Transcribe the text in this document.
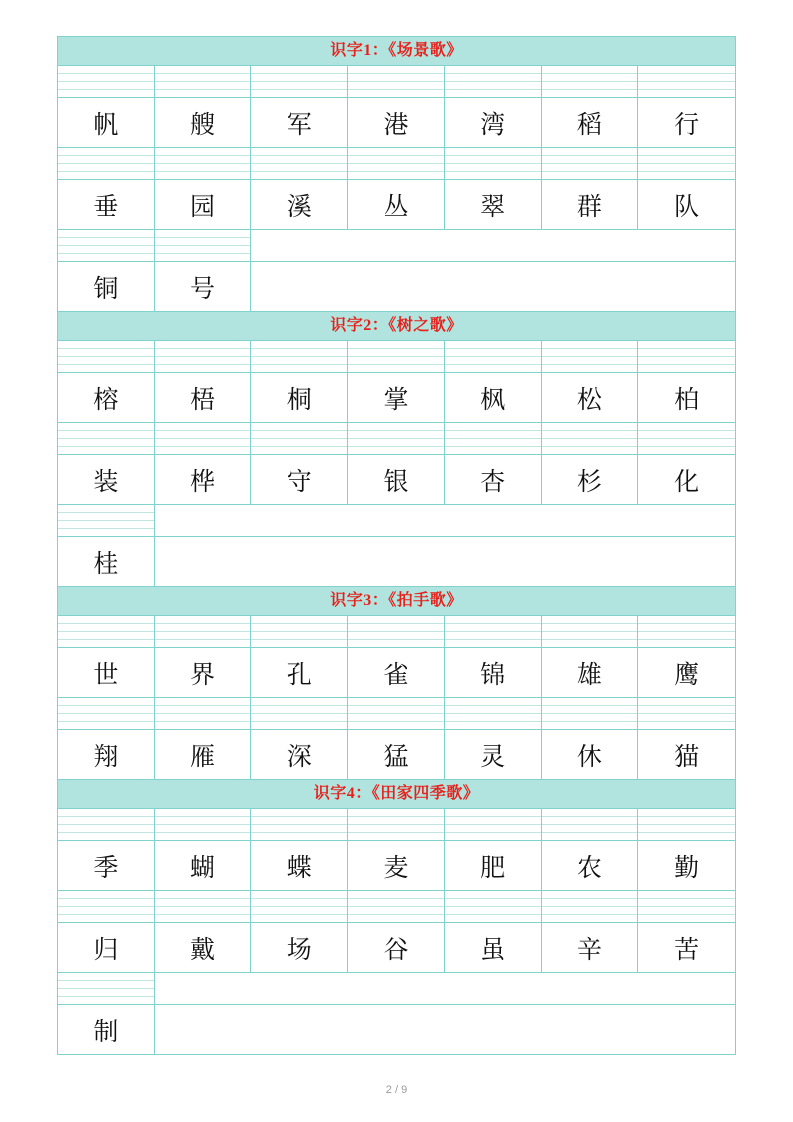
识字1：《场景歌》
帆	艘	军	港	湾	稻	行
垂	园	溪	丛	翠	群	队
铜	号
识字2：《树之歌》
榕	梧	桐	掌	枫	松	柏
装	桦	守	银	杏	杉	化
桂
识字3：《拍手歌》
世	界	孔	雀	锦	雄	鹰
翔	雁	深	猛	灵	休	猫
识字4：《田家四季歌》
季	蝴	蝶	麦	肥	农	勤
归	戴	场	谷	虽	辛	苦
制
2 / 9
